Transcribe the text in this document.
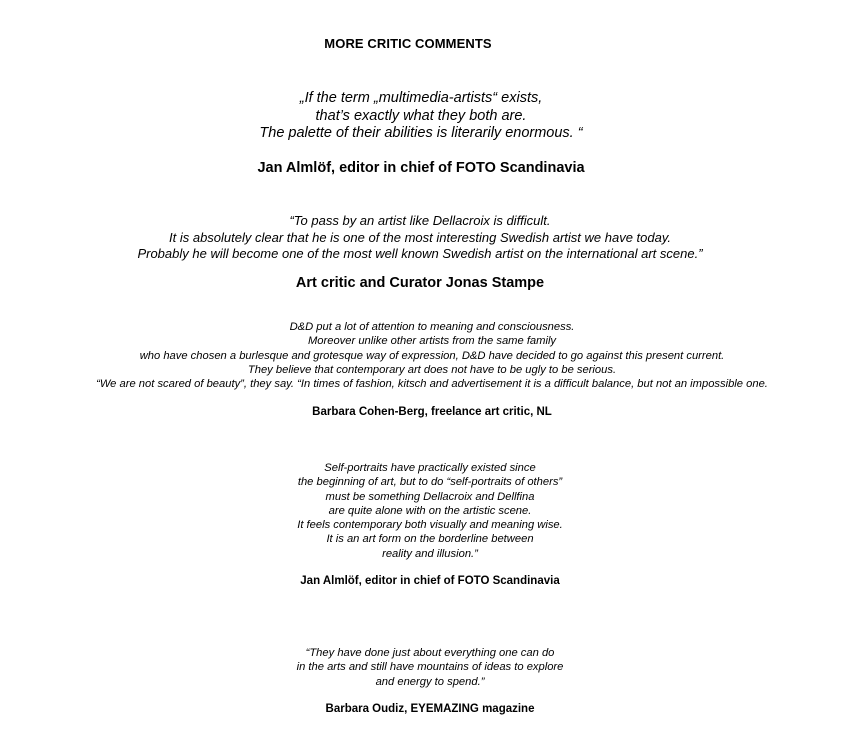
MORE CRITIC COMMENTS
„If the term „multimedia-artists“ exists,
that’s exactly what they both are.
The palette of their abilities is literarily enormous. “
Jan Almlöf, editor in chief of FOTO Scandinavia
“To pass by an artist like Dellacroix is difficult.
It is absolutely clear that he is one of the most interesting Swedish artist we have today.
Probably he will become one of the most well known Swedish artist on the international art scene.”
Art critic and Curator Jonas Stampe
D&D put a lot of attention to meaning and consciousness.
Moreover unlike other artists from the same family
who have chosen a burlesque and grotesque way of expression, D&D have decided to go against this present current.
They believe that contemporary art does not have to be ugly to be serious.
“We are not scared of beauty”, they say. “In times of fashion, kitsch and advertisement it is a difficult balance, but not an impossible one.
Barbara Cohen-Berg, freelance art critic, NL
Self-portraits have practically existed since
the beginning of art, but to do “self-portraits of others”
must be something Dellacroix and Dellfina
are quite alone with on the artistic scene.
It feels contemporary both visually and meaning wise.
It is an art form on the borderline between
reality and illusion.”
Jan Almlöf, editor in chief of FOTO Scandinavia
“They have done just about everything one can do
in the arts and still have mountains of ideas to explore
and energy to spend.”
Barbara Oudiz, EYEMAZING magazine
